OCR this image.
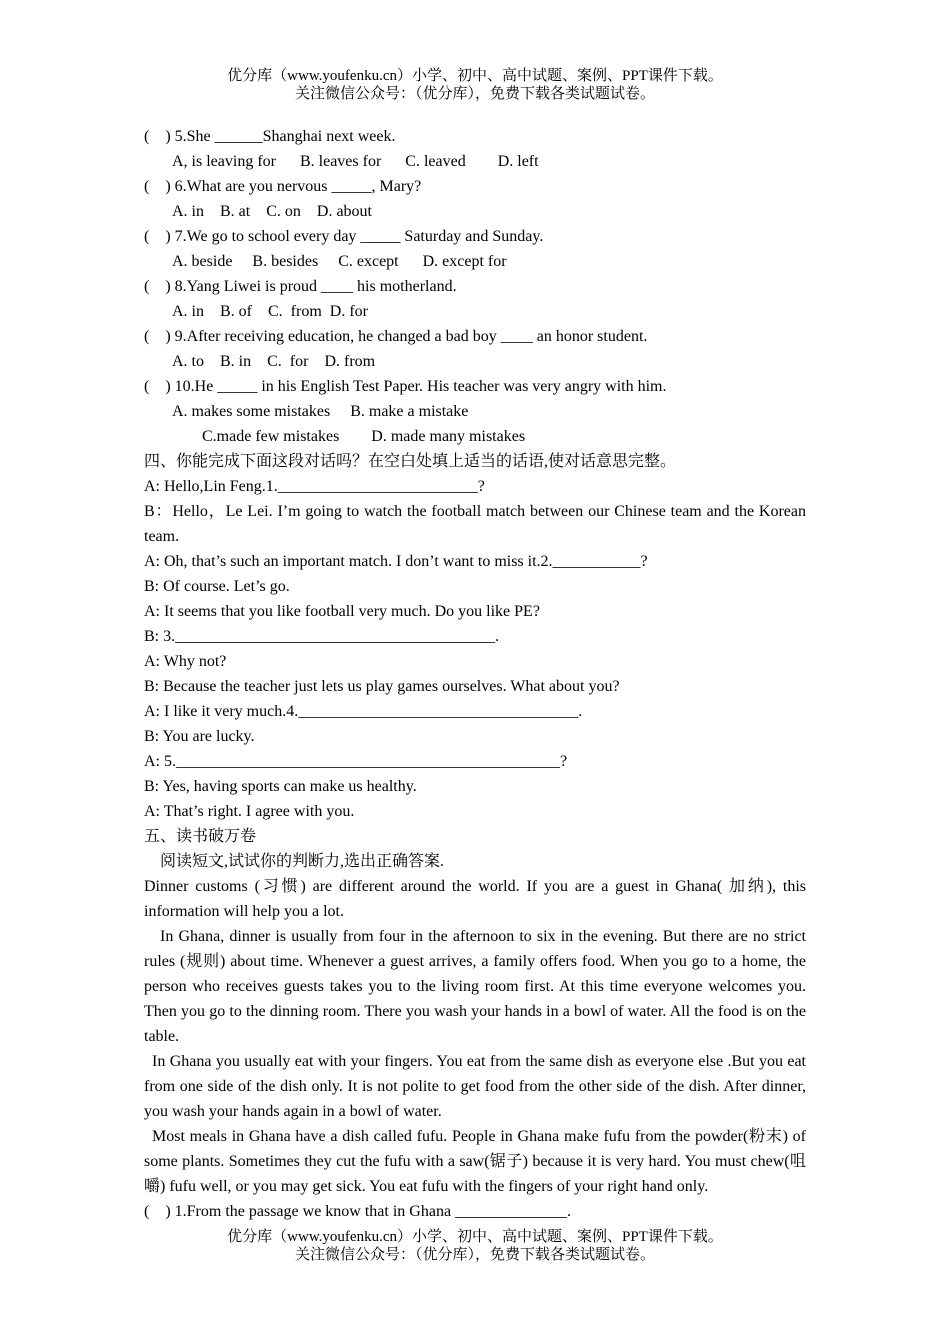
优分库（www.youfenku.cn）小学、初中、高中试题、案例、PPT课件下载。
关注微信公众号：（优分库），免费下载各类试题试卷。
(    ) 5.She ______Shanghai next week.
A, is leaving for      B. leaves for      C. leaved        D. left
(    ) 6.What are you nervous _____, Mary?
A. in    B. at    C. on    D. about
(    ) 7.We go to school every day _____ Saturday and Sunday.
A. beside     B. besides     C. except      D. except for
(    ) 8.Yang Liwei is proud ____ his motherland.
A. in    B. of    C.  from  D. for
(    ) 9.After receiving education, he changed a bad boy ____ an honor student.
A. to    B. in    C.  for    D. from
(    ) 10.He _____ in his English Test Paper. His teacher was very angry with him.
A. makes some mistakes     B. make a mistake
C.made few mistakes        D. made many mistakes
四、你能完成下面这段对话吗？在空白处填上适当的话语,使对话意思完整。
A: Hello,Lin Feng.1._________________________?
B：Hello，Le Lei. I’m going to watch the football match between our Chinese team and the Korean team.
A: Oh, that’s such an important match. I don’t want to miss it.2.___________?
B: Of course. Let’s go.
A: It seems that you like football very much. Do you like PE?
B: 3.________________________________________.
A: Why not?
B: Because the teacher just lets us play games ourselves. What about you?
A: I like it very much.4.___________________________________.
B: You are lucky.
A: 5.________________________________________________?
B: Yes, having sports can make us healthy.
A: That’s right. I agree with you.
五、读书破万卷
阅读短文,试试你的判断力,选出正确答案.
Dinner customs (习惯) are different around the world. If you are a guest in Ghana( 加纳), this information will help you a lot.
In Ghana, dinner is usually from four in the afternoon to six in the evening. But there are no strict rules (规则) about time. Whenever a guest arrives, a family offers food. When you go to a home, the person who receives guests takes you to the living room first. At this time everyone welcomes you. Then you go to the dinning room. There you wash your hands in a bowl of water. All the food is on the table.
In Ghana you usually eat with your fingers. You eat from the same dish as everyone else .But you eat from one side of the dish only. It is not polite to get food from the other side of the dish. After dinner, you wash your hands again in a bowl of water.
Most meals in Ghana have a dish called fufu. People in Ghana make fufu from the powder(粉末) of some plants. Sometimes they cut the fufu with a saw(锯子) because it is very hard. You must chew(咀嚼) fufu well, or you may get sick. You eat fufu with the fingers of your right hand only.
(    ) 1.From the passage we know that in Ghana ______________.
优分库（www.youfenku.cn）小学、初中、高中试题、案例、PPT课件下载。
关注微信公众号：（优分库），免费下载各类试题试卷。
